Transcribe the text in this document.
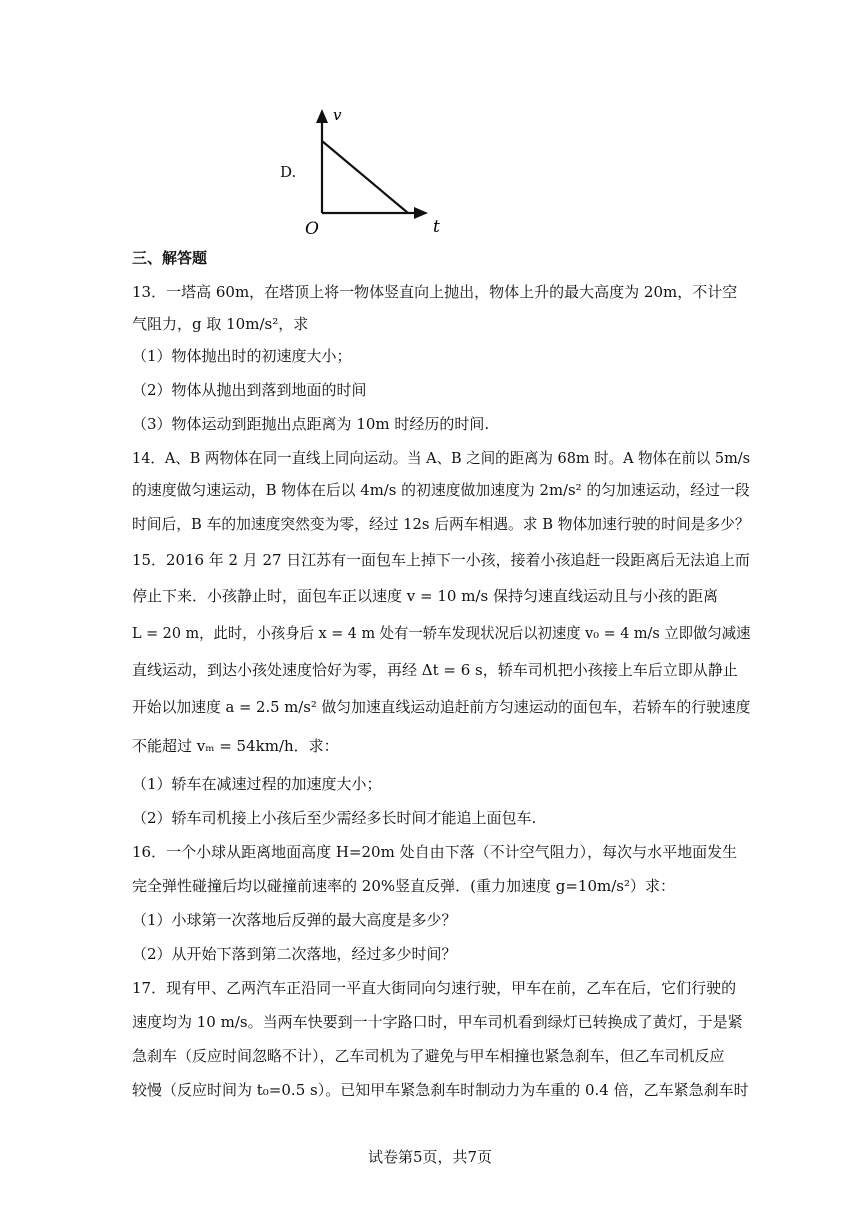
D.
v
t
O
三、解答题
13．一塔高 60m，在塔顶上将一物体竖直向上抛出，物体上升的最大高度为 20m，不计空
气阻力，g 取 10m/s²，求
（1）物体抛出时的初速度大小；
（2）物体从抛出到落到地面的时间
（3）物体运动到距抛出点距离为 10m 时经历的时间.
14．A、B 两物体在同一直线上同向运动。当 A、B 之间的距离为 68m 时。A 物体在前以 5m/s
的速度做匀速运动，B 物体在后以 4m/s 的初速度做加速度为 2m/s² 的匀加速运动，经过一段
时间后，B 车的加速度突然变为零，经过 12s 后两车相遇。求 B 物体加速行驶的时间是多少？
15．2016 年 2 月 27 日江苏有一面包车上掉下一小孩，接着小孩追赶一段距离后无法追上而
停止下来．小孩静止时，面包车正以速度 v = 10 m/s 保持匀速直线运动且与小孩的距离
L = 20 m，此时，小孩身后 x = 4 m 处有一轿车发现状况后以初速度 v₀ = 4 m/s 立即做匀减速
直线运动，到达小孩处速度恰好为零，再经 Δt = 6 s，轿车司机把小孩接上车后立即从静止
开始以加速度 a = 2.5 m/s² 做匀加速直线运动追赶前方匀速运动的面包车，若轿车的行驶速度
不能超过 vₘ = 54km/h．求：
（1）轿车在减速过程的加速度大小；
（2）轿车司机接上小孩后至少需经多长时间才能追上面包车.
16．一个小球从距离地面高度 H=20m 处自由下落（不计空气阻力），每次与水平地面发生
完全弹性碰撞后均以碰撞前速率的 20%竖直反弹．(重力加速度 g=10m/s²）求：
（1）小球第一次落地后反弹的最大高度是多少？
（2）从开始下落到第二次落地，经过多少时间？
17．现有甲、乙两汽车正沿同一平直大街同向匀速行驶，甲车在前，乙车在后，它们行驶的
速度均为 10 m/s。当两车快要到一十字路口时，甲车司机看到绿灯已转换成了黄灯，于是紧
急刹车（反应时间忽略不计），乙车司机为了避免与甲车相撞也紧急刹车，但乙车司机反应
较慢（反应时间为 t₀=0.5 s）。已知甲车紧急刹车时制动力为车重的 0.4 倍，乙车紧急刹车时
试卷第5页，共7页
